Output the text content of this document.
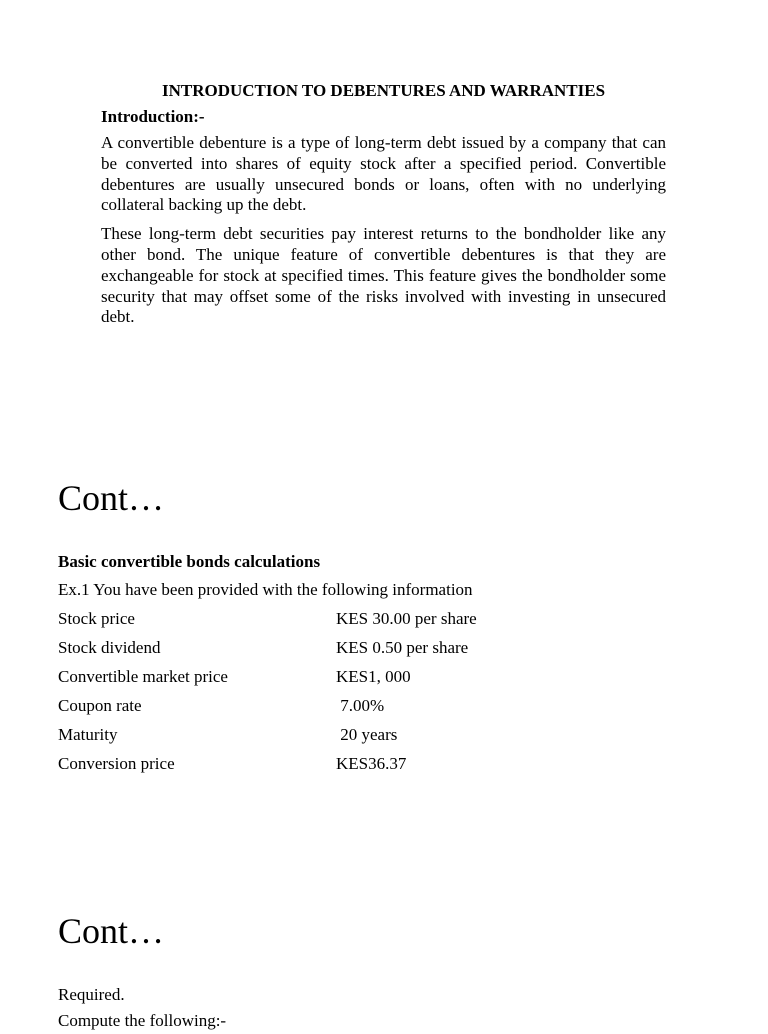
INTRODUCTION TO DEBENTURES AND WARRANTIES
Introduction:-

A convertible debenture is a type of long-term debt issued by a company that can be converted into shares of equity stock after a specified period. Convertible debentures are usually unsecured bonds or loans, often with no underlying collateral backing up the debt.

These long-term debt securities pay interest returns to the bondholder like any other bond. The unique feature of convertible debentures is that they are exchangeable for stock at specified times. This feature gives the bondholder some security that may offset some of the risks involved with investing in unsecured debt.

Cont…
Basic convertible bonds calculations
Ex.1 You have been provided with the following information
Stock price	KES 30.00 per share
Stock dividend	KES 0.50 per share
Convertible market price	KES1, 000
Coupon rate	7.00%
Maturity	20 years
Conversion price	KES36.37
Cont…

Required.

Compute the following:-
